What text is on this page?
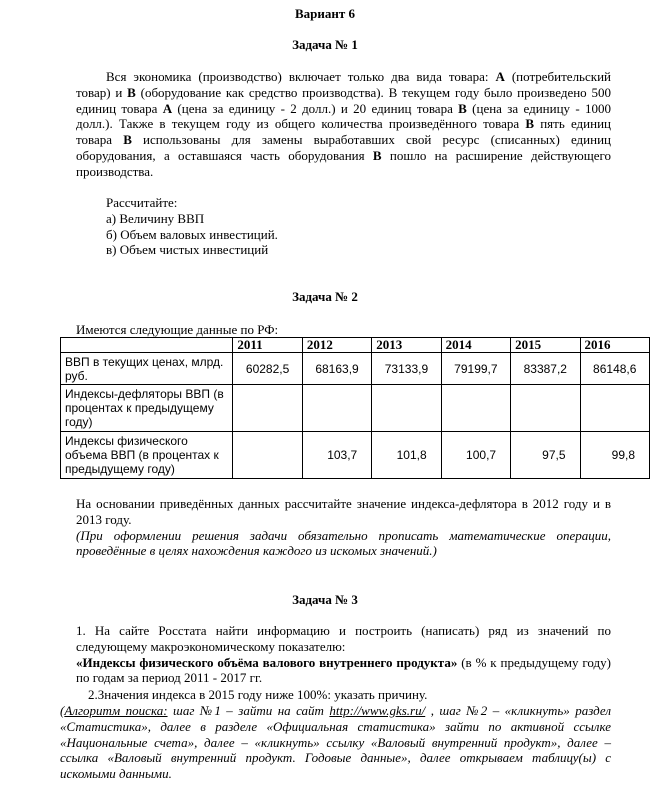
Вариант 6
Задача № 1
Вся экономика (производство) включает только два вида товара: А (потребительский товар) и В (оборудование как средство производства). В текущем году было произведено 500 единиц товара А (цена за единицу - 2 долл.) и 20 единиц товара В (цена за единицу - 1000 долл.). Также в текущем году из общего количества произведённого товара В пять единиц товара В использованы для замены выработавших свой ресурс (списанных) единиц оборудования, а оставшаяся часть оборудования В пошло на расширение действующего производства.
Рассчитайте:
а) Величину ВВП
б) Объем валовых инвестиций.
в) Объем чистых инвестиций
Задача № 2
Имеются следующие данные по РФ:
	2011	2012	2013	2014	2015	2016
ВВП в текущих ценах, млрд. руб.	60282,5	68163,9	73133,9	79199,7	83387,2	86148,6
Индексы-дефляторы ВВП (в процентах к предыдущему году)						
Индексы физического объема ВВП (в процентах к предыдущему году)		103,7	101,8	100,7	97,5	99,8
На основании приведённых данных рассчитайте значение индекса-дефлятора в 2012 году и в 2013 году.
(При оформлении решения задачи обязательно прописать математические операции, проведённые в целях нахождения каждого из искомых значений.)
Задача № 3
1. На сайте Росстата найти информацию и построить (написать) ряд из значений по следующему макроэкономическому показателю:
«Индексы физического объёма валового внутреннего продукта» (в % к предыдущему году) по годам за период 2011 - 2017 гг.
2.Значения индекса в 2015 году ниже 100%: указать причину.
(Алгоритм поиска: шаг №1 – зайти на сайт http://www.gks.ru/ , шаг №2 – «кликнуть» раздел «Статистика», далее в разделе «Официальная статистика» зайти по активной ссылке «Национальные счета», далее – «кликнуть» ссылку «Валовый внутренний продукт», далее – ссылка «Валовый внутренний продукт. Годовые данные», далее открываем таблицу(ы) с искомыми данными.
